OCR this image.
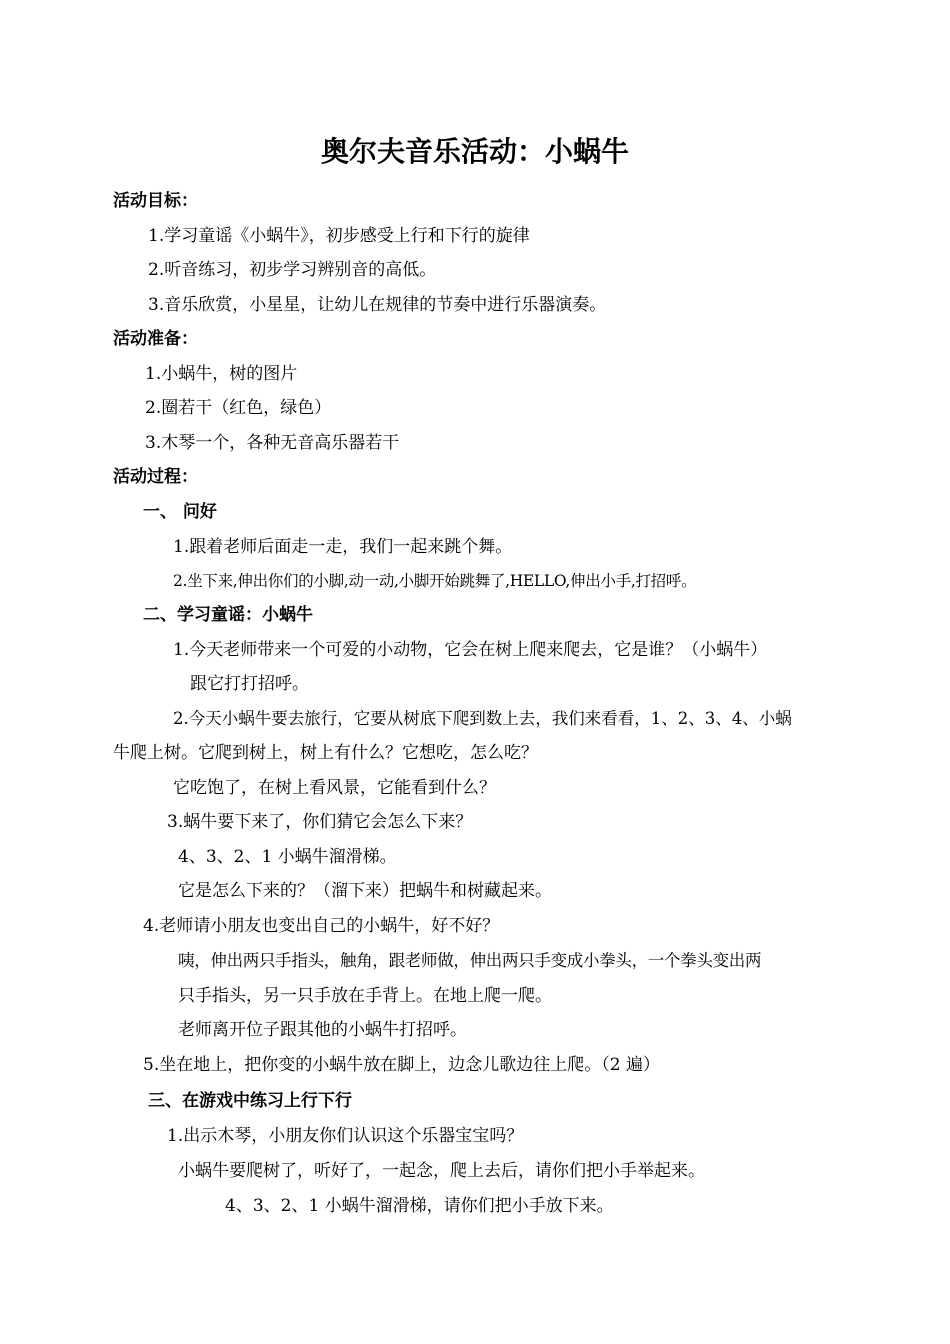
奥尔夫音乐活动：小蜗牛

活动目标：

1.学习童谣《小蜗牛》，初步感受上行和下行的旋律

2.听音练习，初步学习辨别音的高低。

3.音乐欣赏，小星星，让幼儿在规律的节奏中进行乐器演奏。

活动准备：

1.小蜗牛，树的图片

2.圈若干（红色，绿色）

3.木琴一个，各种无音高乐器若干

活动过程：

一、 问好

1.跟着老师后面走一走，我们一起来跳个舞。

2.坐下来,伸出你们的小脚,动一动,小脚开始跳舞了,HELLO,伸出小手,打招呼。

二、学习童谣：小蜗牛

1.今天老师带来一个可爱的小动物，它会在树上爬来爬去，它是谁？（小蜗牛）

跟它打打招呼。

2.今天小蜗牛要去旅行，它要从树底下爬到数上去，我们来看看，1、2、3、4、小蜗

牛爬上树。它爬到树上，树上有什么？它想吃，怎么吃？

它吃饱了，在树上看风景，它能看到什么？

3.蜗牛要下来了，你们猜它会怎么下来？

4、3、2、1 小蜗牛溜滑梯。

它是怎么下来的？（溜下来）把蜗牛和树藏起来。

4.老师请小朋友也变出自己的小蜗牛，好不好？

咦，伸出两只手指头，触角，跟老师做，伸出两只手变成小拳头，一个拳头变出两

只手指头，另一只手放在手背上。在地上爬一爬。

老师离开位子跟其他的小蜗牛打招呼。

5.坐在地上，把你变的小蜗牛放在脚上，边念儿歌边往上爬。（2 遍）

三、在游戏中练习上行下行

1.出示木琴，小朋友你们认识这个乐器宝宝吗？

小蜗牛要爬树了，听好了，一起念，爬上去后，请你们把小手举起来。

4、3、2、1 小蜗牛溜滑梯，请你们把小手放下来。
